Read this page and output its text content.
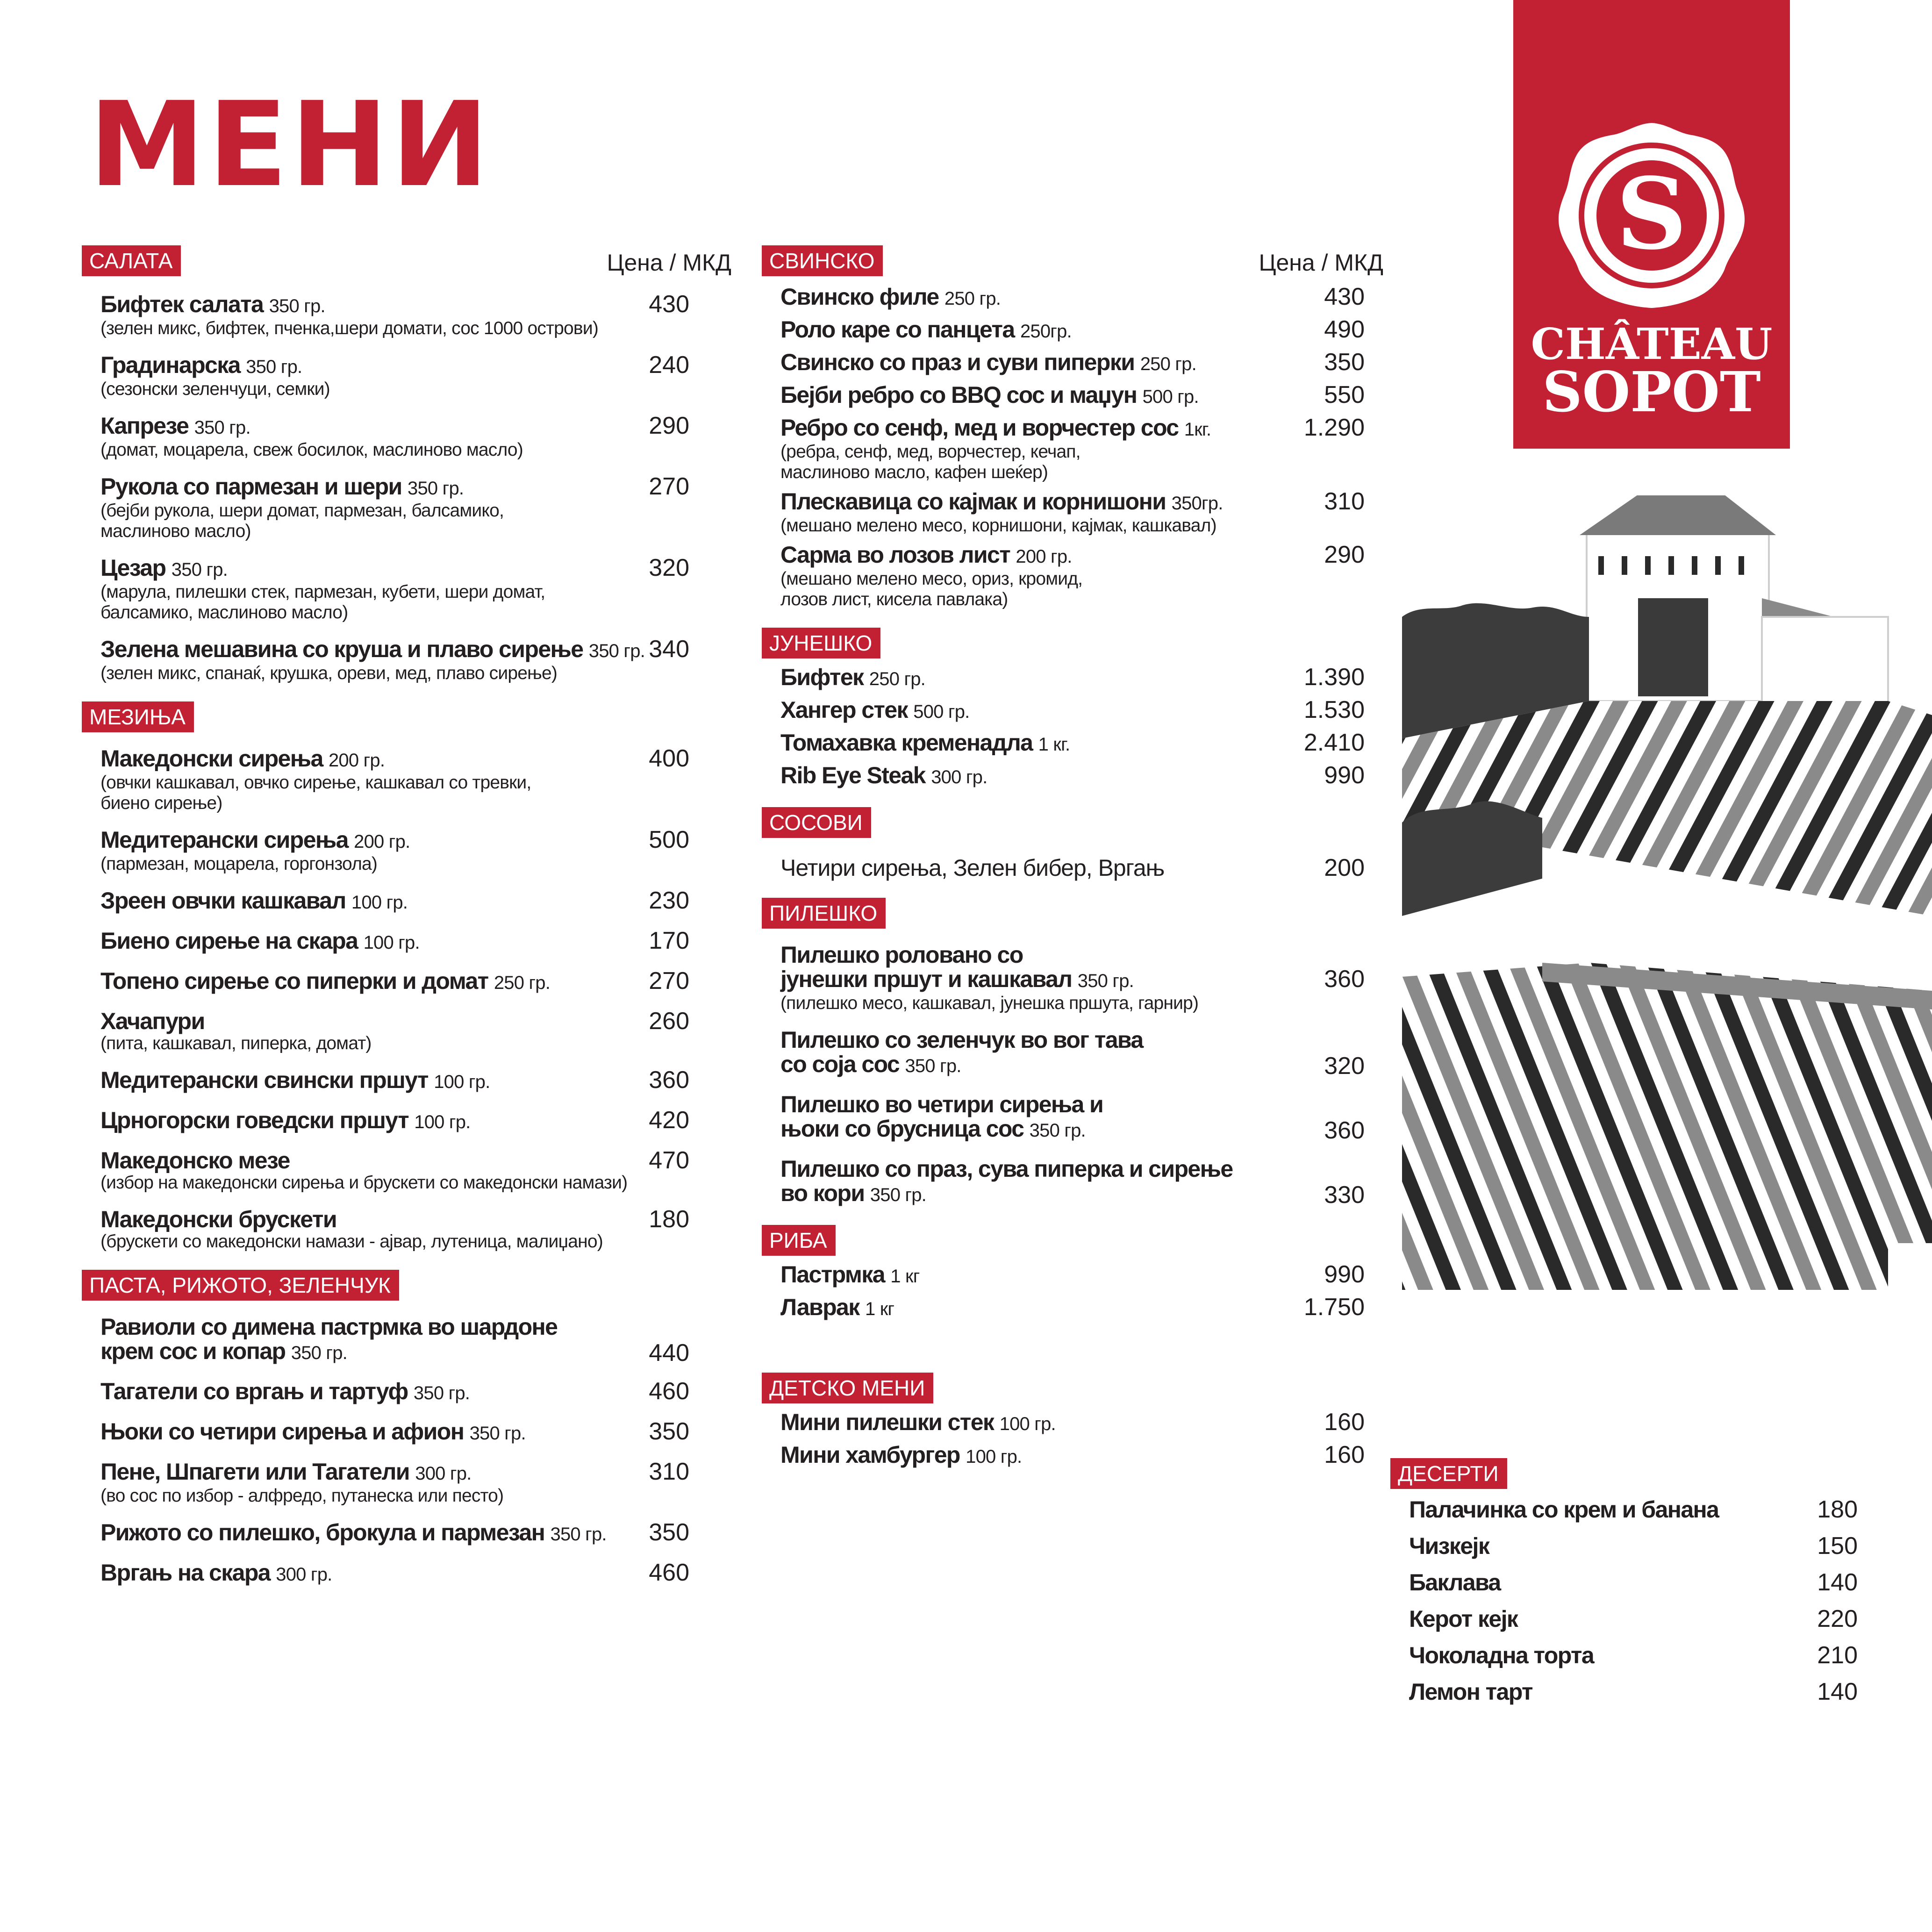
МЕНИ
САЛАТА	Цена / МКД
Бифтек салата 350 гр.
(зелен микс, бифтек, пченка,шери домати, сос 1000 острови)
430
Градинарска 350 гр.
(сезонски зеленчуци, семки)
240
Капрезе 350 гр.
(домат, моцарела, свеж босилок, маслиново масло)
290
Рукола со пармезан и шери 350 гр.
(бејби рукола, шери домат, пармезан, балсамико,
маслиново масло)
270
Цезар 350 гр.
(марула, пилешки стек, пармезан, кубети, шери домат,
балсамико, маслиново масло)
320
Зелена мешавина со круша и плаво сирење 350 гр.
(зелен микс, спанаќ, крушка, ореви, мед, плаво сирење)
340
МЕЗИЊА
Македонски сирења 200 гр.
(овчки кашкавал, овчко сирење, кашкавал со тревки,
биено сирење)
400
Медитерански сирења 200 гр.
(пармезан, моцарела, горгонзола)
500
Зреен овчки кашкавал 100 гр.	230
Биено сирење на скара 100 гр.	170
Топено сирење со пиперки и домат 250 гр.	270
Хачапури
(пита, кашкавал, пиперка, домат)
260
Медитерански свински пршут 100 гр.	360
Црногорски говедски пршут 100 гр.	420
Македонско мезе
(избор на македонски сирења и брускети со македонски намази)
470
Македонски брускети
(брускети со македонски намази - ајвар, лутеница, малиџано)
180
ПАСТА, РИЖОТО, ЗЕЛЕНЧУК
Равиоли со димена пастрмка во шардоне
крем сос и копар 350 гр.	440
Тагатели со вргањ и тартуф 350 гр.	460
Њоки со четири сирења и афион 350 гр.	350
Пене, Шпагети или Тагатели 300 гр.
(во сос по избор - алфредо, путанеска или песто)
310
Рижото со пилешко, брокула и пармезан 350 гр.	350
Вргањ на скара 300 гр.	460
СВИНСКО	Цена / МКД
Свинско филе 250 гр.	430
Роло каре со панцета 250гр.	490
Свинско со праз и суви пиперки 250 гр.	350
Бејби ребро со BBQ сос и маџун 500 гр.	550
Ребро со сенф, мед и ворчестер сос 1кг.
(ребра, сенф, мед, ворчестер, кечап,
маслиново масло, кафен шеќер)
1.290
Плескавица со кајмак и корнишони 350гр.
(мешано мелено месо, корнишони, кајмак, кашкавал)
310
Сарма во лозов лист 200 гр.
(мешано мелено месо, ориз, кромид,
лозов лист, кисела павлака)
290
ЈУНЕШКО
Бифтек 250 гр.	1.390
Хангер стек 500 гр.	1.530
Томахавка кременадла 1 кг.	2.410
Rib Eye Steak 300 гр.	990
СОСОВИ
Четири сирења, Зелен бибер, Вргањ	200
ПИЛЕШКО
Пилешко ролoвано со
јунешки пршут и кашкавал 350 гр.
(пилешко месо, кашкавал, јунешка пршута, гарнир)
360
Пилешко со зеленчук во вог тава
со соја сос 350 гр.	320
Пилешко во четири сирења и
њоки со брусница сос 350 гр.	360
Пилешко со праз, сува пиперка и сирење
во кори 350 гр.	330
РИБА
Пастрмка 1 кг	990
Лаврак 1 кг	1.750
ДЕТСКО МЕНИ
Мини пилешки стек 100 гр.	160
Мини хамбургер 100 гр.	160
ДЕСЕРТИ
Палачинка со крем и банана	180
Чизкејк	150
Баклава	140
Керот кејк	220
Чоколадна торта	210
Лемон тарт	140
S
CHÂTEAU
SOPOT
